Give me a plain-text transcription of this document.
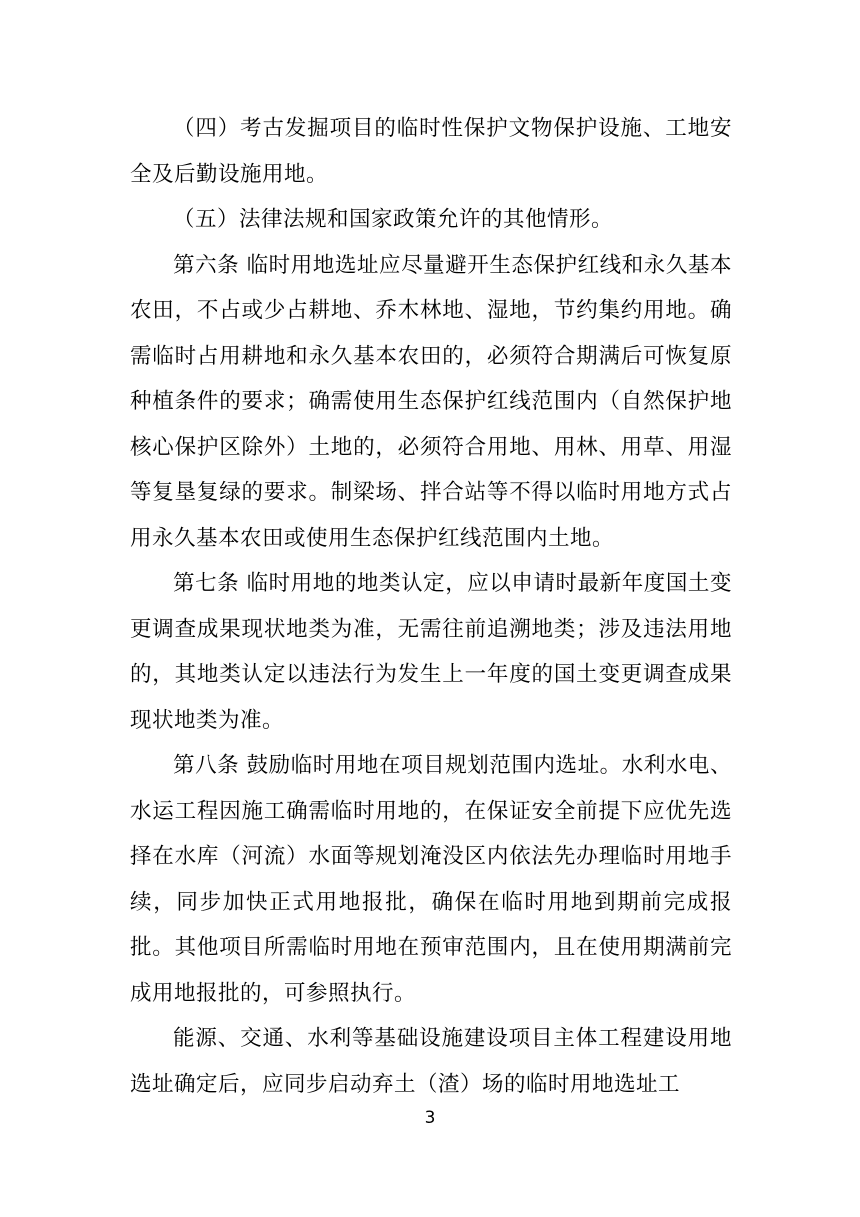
（四）考古发掘项目的临时性保护文物保护设施、工地安全及后勤设施用地。

（五）法律法规和国家政策允许的其他情形。

第六条 临时用地选址应尽量避开生态保护红线和永久基本农田，不占或少占耕地、乔木林地、湿地，节约集约用地。确需临时占用耕地和永久基本农田的，必须符合期满后可恢复原种植条件的要求；确需使用生态保护红线范围内（自然保护地核心保护区除外）土地的，必须符合用地、用林、用草、用湿等复垦复绿的要求。制梁场、拌合站等不得以临时用地方式占用永久基本农田或使用生态保护红线范围内土地。

第七条 临时用地的地类认定，应以申请时最新年度国土变更调查成果现状地类为准，无需往前追溯地类；涉及违法用地的，其地类认定以违法行为发生上一年度的国土变更调查成果现状地类为准。

第八条 鼓励临时用地在项目规划范围内选址。水利水电、水运工程因施工确需临时用地的，在保证安全前提下应优先选择在水库（河流）水面等规划淹没区内依法先办理临时用地手续，同步加快正式用地报批，确保在临时用地到期前完成报批。其他项目所需临时用地在预审范围内，且在使用期满前完成用地报批的，可参照执行。

能源、交通、水利等基础设施建设项目主体工程建设用地选址确定后，应同步启动弃土（渣）场的临时用地选址工

3
